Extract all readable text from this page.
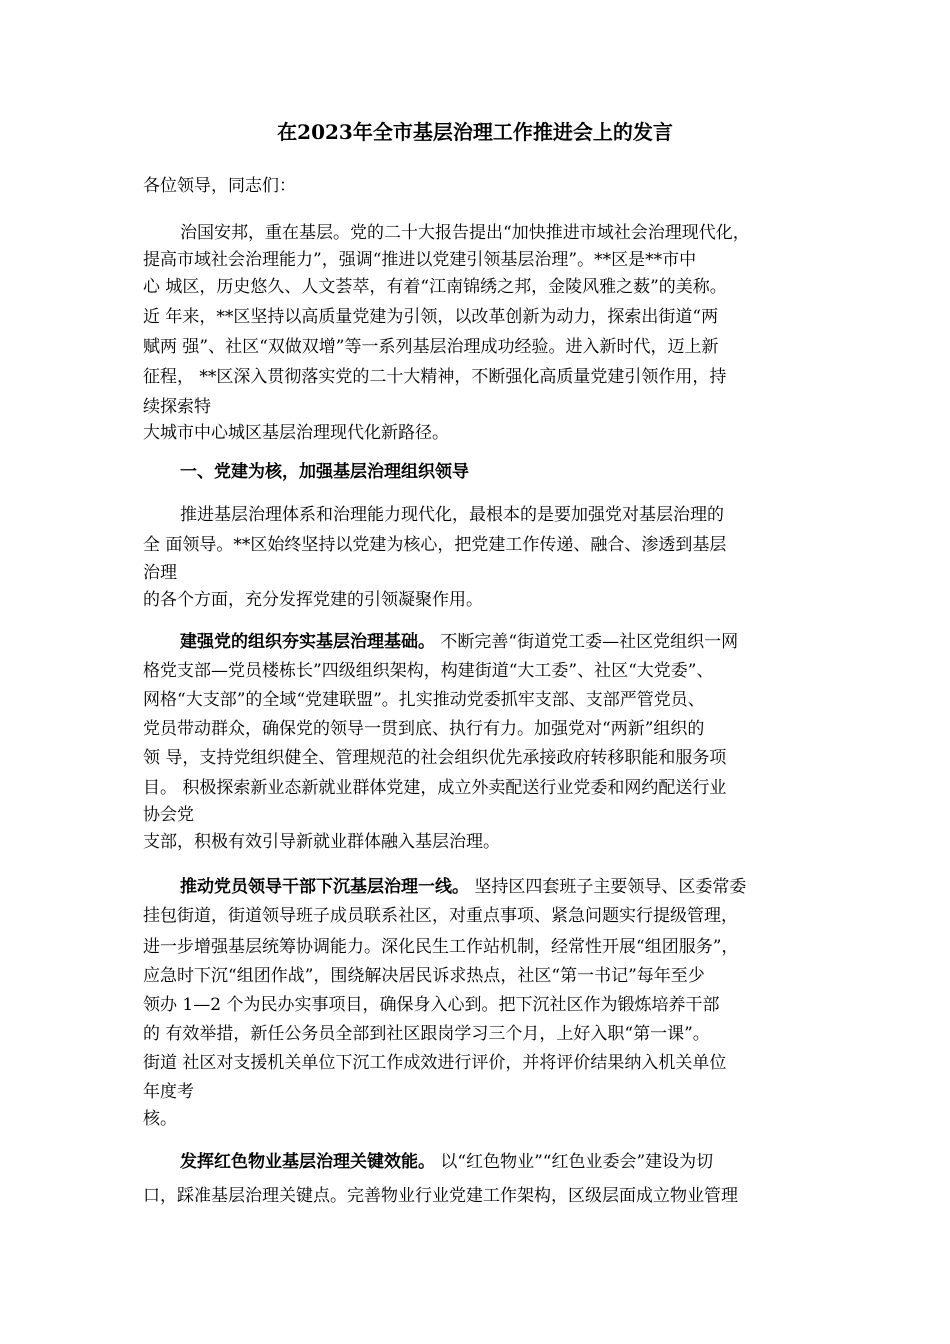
在2023年全市基层治理工作推进会上的发言
各位领导，同志们：
治国安邦，重在基层。党的二十大报告提出“加快推进市域社会治理现代化，
提高市域社会治理能力”，强调“推进以党建引领基层治理”。**区是**市中
心 城区，历史悠久、人文荟萃，有着“江南锦绣之邦，金陵风雅之薮”的美称。
近 年来，**区坚持以高质量党建为引领，以改革创新为动力，探索出街道“两
赋两 强”、社区“双做双增”等一系列基层治理成功经验。进入新时代，迈上新
征程， **区深入贯彻落实党的二十大精神，不断强化高质量党建引领作用，持
续探索特
大城市中心城区基层治理现代化新路径。
一、党建为核，加强基层治理组织领导
推进基层治理体系和治理能力现代化，最根本的是要加强党对基层治理的
全 面领导。**区始终坚持以党建为核心，把党建工作传递、融合、渗透到基层
治理
的各个方面，充分发挥党建的引领凝聚作用。
建强党的组织夯实基层治理基础。 不断完善“街道党工委—社区党组织一网
格党支部—党员楼栋长”四级组织架构，构建街道“大工委”、社区“大党委”、
网格“大支部”的全域“党建联盟”。扎实推动党委抓牢支部、支部严管党员、
党员带动群众，确保党的领导一贯到底、执行有力。加强党对“两新”组织的
领 导，支持党组织健全、管理规范的社会组织优先承接政府转移职能和服务项
目。 积极探索新业态新就业群体党建，成立外卖配送行业党委和网约配送行业
协会党
支部，积极有效引导新就业群体融入基层治理。
推动党员领导干部下沉基层治理一线。 坚持区四套班子主要领导、区委常委
挂包街道，街道领导班子成员联系社区，对重点事项、紧急问题实行提级管理，
进一步增强基层统筹协调能力。深化民生工作站机制，经常性开展“组团服务”，
应急时下沉“组团作战”，围绕解决居民诉求热点，社区“第一书记”每年至少
领办 1—2 个为民办实事项目，确保身入心到。把下沉社区作为锻炼培养干部
的 有效举措，新任公务员全部到社区跟岗学习三个月，上好入职“第一课”。
街道 社区对支援机关单位下沉工作成效进行评价，并将评价结果纳入机关单位
年度考
核。
发挥红色物业基层治理关键效能。 以“红色物业”“红色业委会”建设为切
口，踩准基层治理关键点。完善物业行业党建工作架构，区级层面成立物业管理
